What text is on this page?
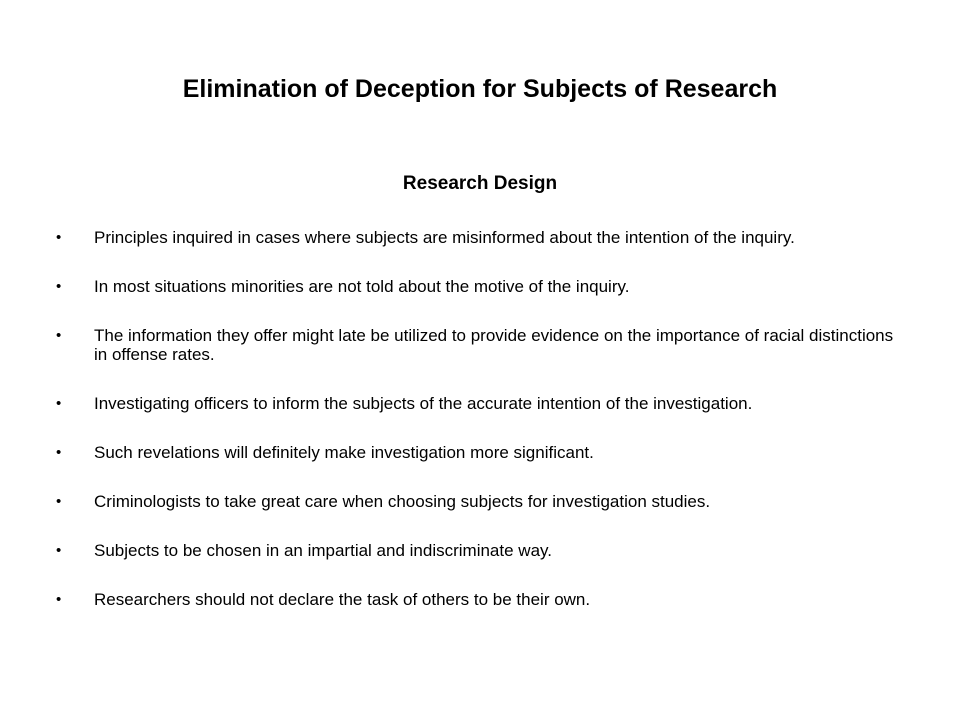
Elimination of Deception for Subjects of Research
Research Design
•	Principles inquired in cases where subjects are misinformed about the intention of the inquiry.
•	In most situations minorities are not told about the motive of the inquiry.
•	The information they offer might late be utilized to provide evidence on the importance of racial distinctions in offense rates.
•	Investigating officers to inform the subjects of the accurate intention of the investigation.
•	Such revelations will definitely make investigation more significant.
•	Criminologists to take great care when choosing subjects for investigation studies.
•	Subjects to be chosen in an impartial and indiscriminate way.
•	Researchers should not declare the task of others to be their own.
